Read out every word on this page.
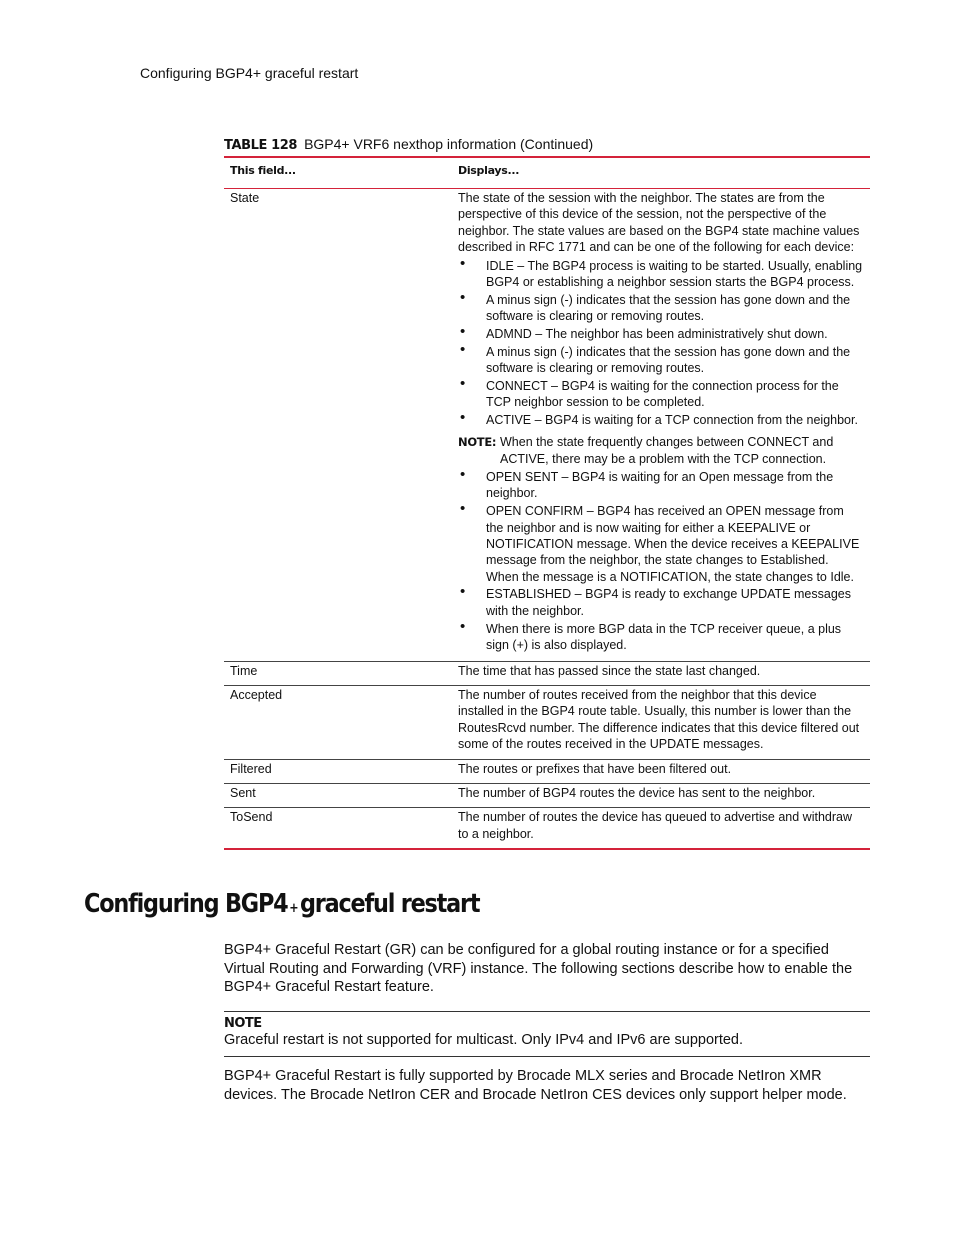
Configuring BGP4+ graceful restart
TABLE 128 BGP4+ VRF6 nexthop information (Continued)
This field...	Displays...
State	The state of the session with the neighbor. The states are from the perspective of this device of the session, not the perspective of the neighbor. The state values are based on the BGP4 state machine values described in RFC 1771 and can be one of the following for each device:

• IDLE – The BGP4 process is waiting to be started. Usually, enabling BGP4 or establishing a neighbor session starts the BGP4 process.
• A minus sign (-) indicates that the session has gone down and the software is clearing or removing routes.
• ADMND – The neighbor has been administratively shut down.
• A minus sign (-) indicates that the session has gone down and the software is clearing or removing routes.
• CONNECT – BGP4 is waiting for the connection process for the TCP neighbor session to be completed.
• ACTIVE – BGP4 is waiting for a TCP connection from the neighbor.
NOTE: When the state frequently changes between CONNECT and ACTIVE, there may be a problem with the TCP connection.
• OPEN SENT – BGP4 is waiting for an Open message from the neighbor.
• OPEN CONFIRM – BGP4 has received an OPEN message from the neighbor and is now waiting for either a KEEPALIVE or NOTIFICATION message. When the device receives a KEEPALIVE message from the neighbor, the state changes to Established. When the message is a NOTIFICATION, the state changes to Idle.
• ESTABLISHED – BGP4 is ready to exchange UPDATE messages with the neighbor.
• When there is more BGP data in the TCP receiver queue, a plus sign (+) is also displayed.
Time	The time that has passed since the state last changed.
Accepted	The number of routes received from the neighbor that this device installed in the BGP4 route table. Usually, this number is lower than the RoutesRcvd number. The difference indicates that this device filtered out some of the routes received in the UPDATE messages.
Filtered	The routes or prefixes that have been filtered out.
Sent	The number of BGP4 routes the device has sent to the neighbor.
ToSend	The number of routes the device has queued to advertise and withdraw to a neighbor.
Configuring BGP4 +graceful restart

BGP4+ Graceful Restart (GR) can be configured for a global routing instance or for a specified Virtual Routing and Forwarding (VRF) instance. The following sections describe how to enable the BGP4+ Graceful Restart feature.

NOTE
Graceful restart is not supported for multicast. Only IPv4 and IPv6 are supported.

BGP4+ Graceful Restart is fully supported by Brocade MLX series and Brocade NetIron XMR devices. The Brocade NetIron CER and Brocade NetIron CES devices only support helper mode.
